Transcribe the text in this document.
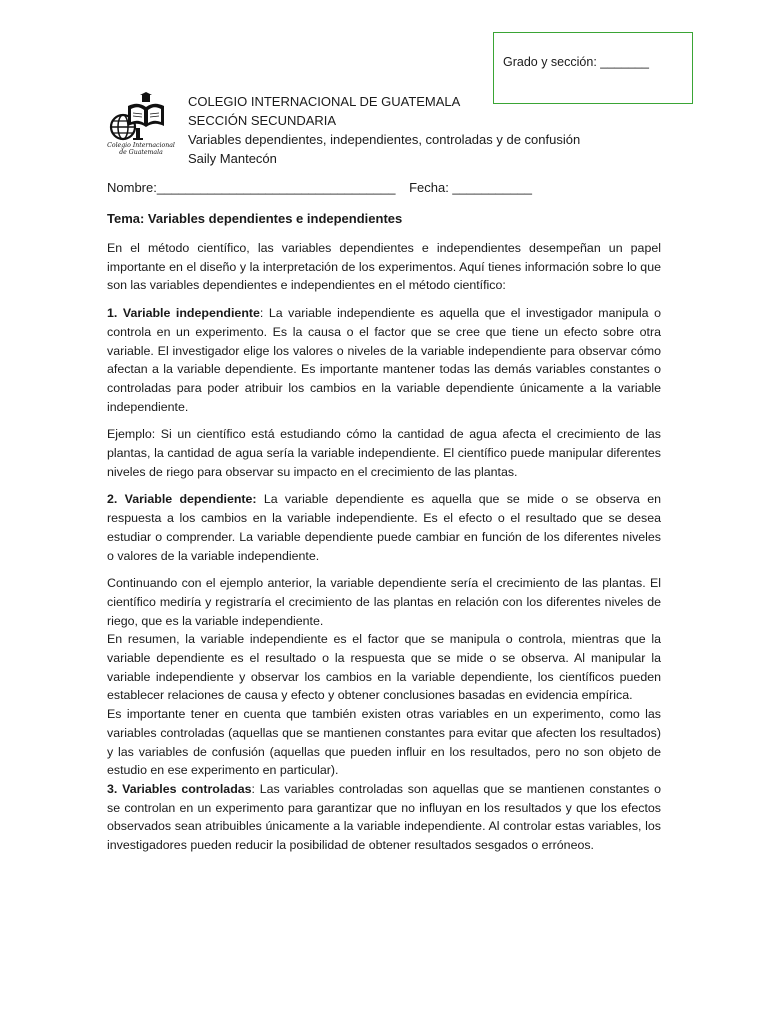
Grado y sección: _______
Colegio Internacional
de Guatemala
COLEGIO INTERNACIONAL DE GUATEMALA
SECCIÓN SECUNDARIA
Variables dependientes, independientes, controladas y de confusión
Saily Mantecón
Nombre:_________________________________ Fecha: ___________
Tema: Variables dependientes e independientes

En el método científico, las variables dependientes e independientes desempeñan un papel importante en el diseño y la interpretación de los experimentos. Aquí tienes información sobre lo que son las variables dependientes e independientes en el método científico:

1. Variable independiente: La variable independiente es aquella que el investigador manipula o controla en un experimento. Es la causa o el factor que se cree que tiene un efecto sobre otra variable. El investigador elige los valores o niveles de la variable independiente para observar cómo afectan a la variable dependiente. Es importante mantener todas las demás variables constantes o controladas para poder atribuir los cambios en la variable dependiente únicamente a la variable independiente.

Ejemplo: Si un científico está estudiando cómo la cantidad de agua afecta el crecimiento de las plantas, la cantidad de agua sería la variable independiente. El científico puede manipular diferentes niveles de riego para observar su impacto en el crecimiento de las plantas.

2. Variable dependiente: La variable dependiente es aquella que se mide o se observa en respuesta a los cambios en la variable independiente. Es el efecto o el resultado que se desea estudiar o comprender. La variable dependiente puede cambiar en función de los diferentes niveles o valores de la variable independiente.

Continuando con el ejemplo anterior, la variable dependiente sería el crecimiento de las plantas. El científico mediría y registraría el crecimiento de las plantas en relación con los diferentes niveles de riego, que es la variable independiente.

En resumen, la variable independiente es el factor que se manipula o controla, mientras que la variable dependiente es el resultado o la respuesta que se mide o se observa. Al manipular la variable independiente y observar los cambios en la variable dependiente, los científicos pueden establecer relaciones de causa y efecto y obtener conclusiones basadas en evidencia empírica.

Es importante tener en cuenta que también existen otras variables en un experimento, como las variables controladas (aquellas que se mantienen constantes para evitar que afecten los resultados) y las variables de confusión (aquellas que pueden influir en los resultados, pero no son objeto de estudio en ese experimento en particular).

3. Variables controladas: Las variables controladas son aquellas que se mantienen constantes o se controlan en un experimento para garantizar que no influyan en los resultados y que los efectos observados sean atribuibles únicamente a la variable independiente. Al controlar estas variables, los investigadores pueden reducir la posibilidad de obtener resultados sesgados o erróneos.
